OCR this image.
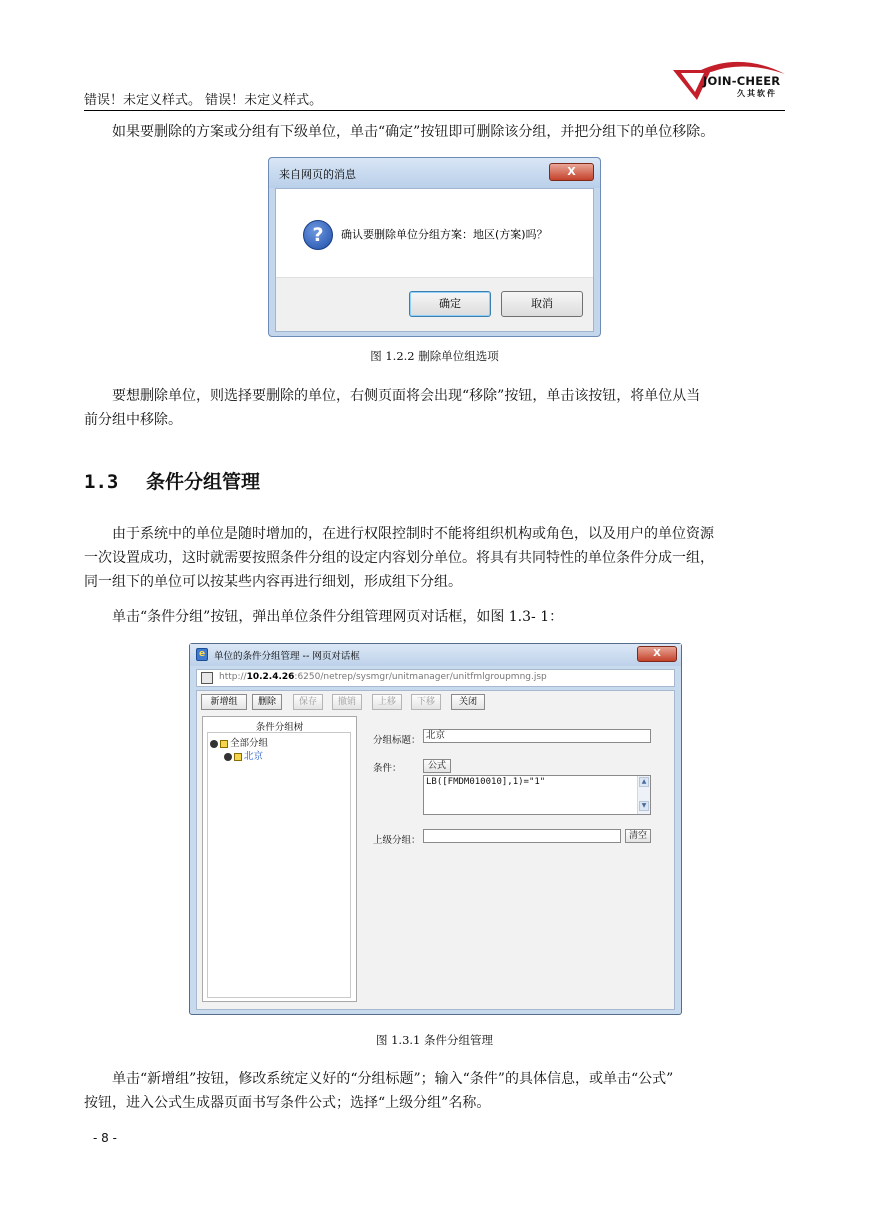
错误！未定义样式。 错误！未定义样式。
JOIN-CHEER
久其软件
如果要删除的方案或分组有下级单位，单击“确定”按钮即可删除该分组，并把分组下的单位移除。
来自网页的消息	X
?	确认要删除单位分组方案：地区(方案)吗？
确定	取消
图 1.2.2 删除单位组选项
要想删除单位，则选择要删除的单位，右侧页面将会出现“移除”按钮，单击该按钮，将单位从当
前分组中移除。
1.3 条件分组管理
由于系统中的单位是随时增加的，在进行权限控制时不能将组织机构或角色，以及用户的单位资源
一次设置成功，这时就需要按照条件分组的设定内容划分单位。将具有共同特性的单位条件分成一组，
同一组下的单位可以按某些内容再进行细划，形成组下分组。
单击“条件分组”按钮，弹出单位条件分组管理网页对话框，如图 1.3- 1：
e 单位的条件分组管理 -- 网页对话框	X
http://10.2.4.26:6250/netrep/sysmgr/unitmanager/unitfmlgroupmng.jsp
新增组	删除	保存	撤销	上移	下移	关闭
条件分组树
全部分组
北京
分组标题： 北京
条件：	公式
LB([FMDM010010],1)="1"	▲
▼
上级分组：	清空
图 1.3.1 条件分组管理
单击“新增组”按钮，修改系统定义好的“分组标题”；输入“条件”的具体信息，或单击“公式”
按钮，进入公式生成器页面书写条件公式；选择“上级分组”名称。
- 8 -
